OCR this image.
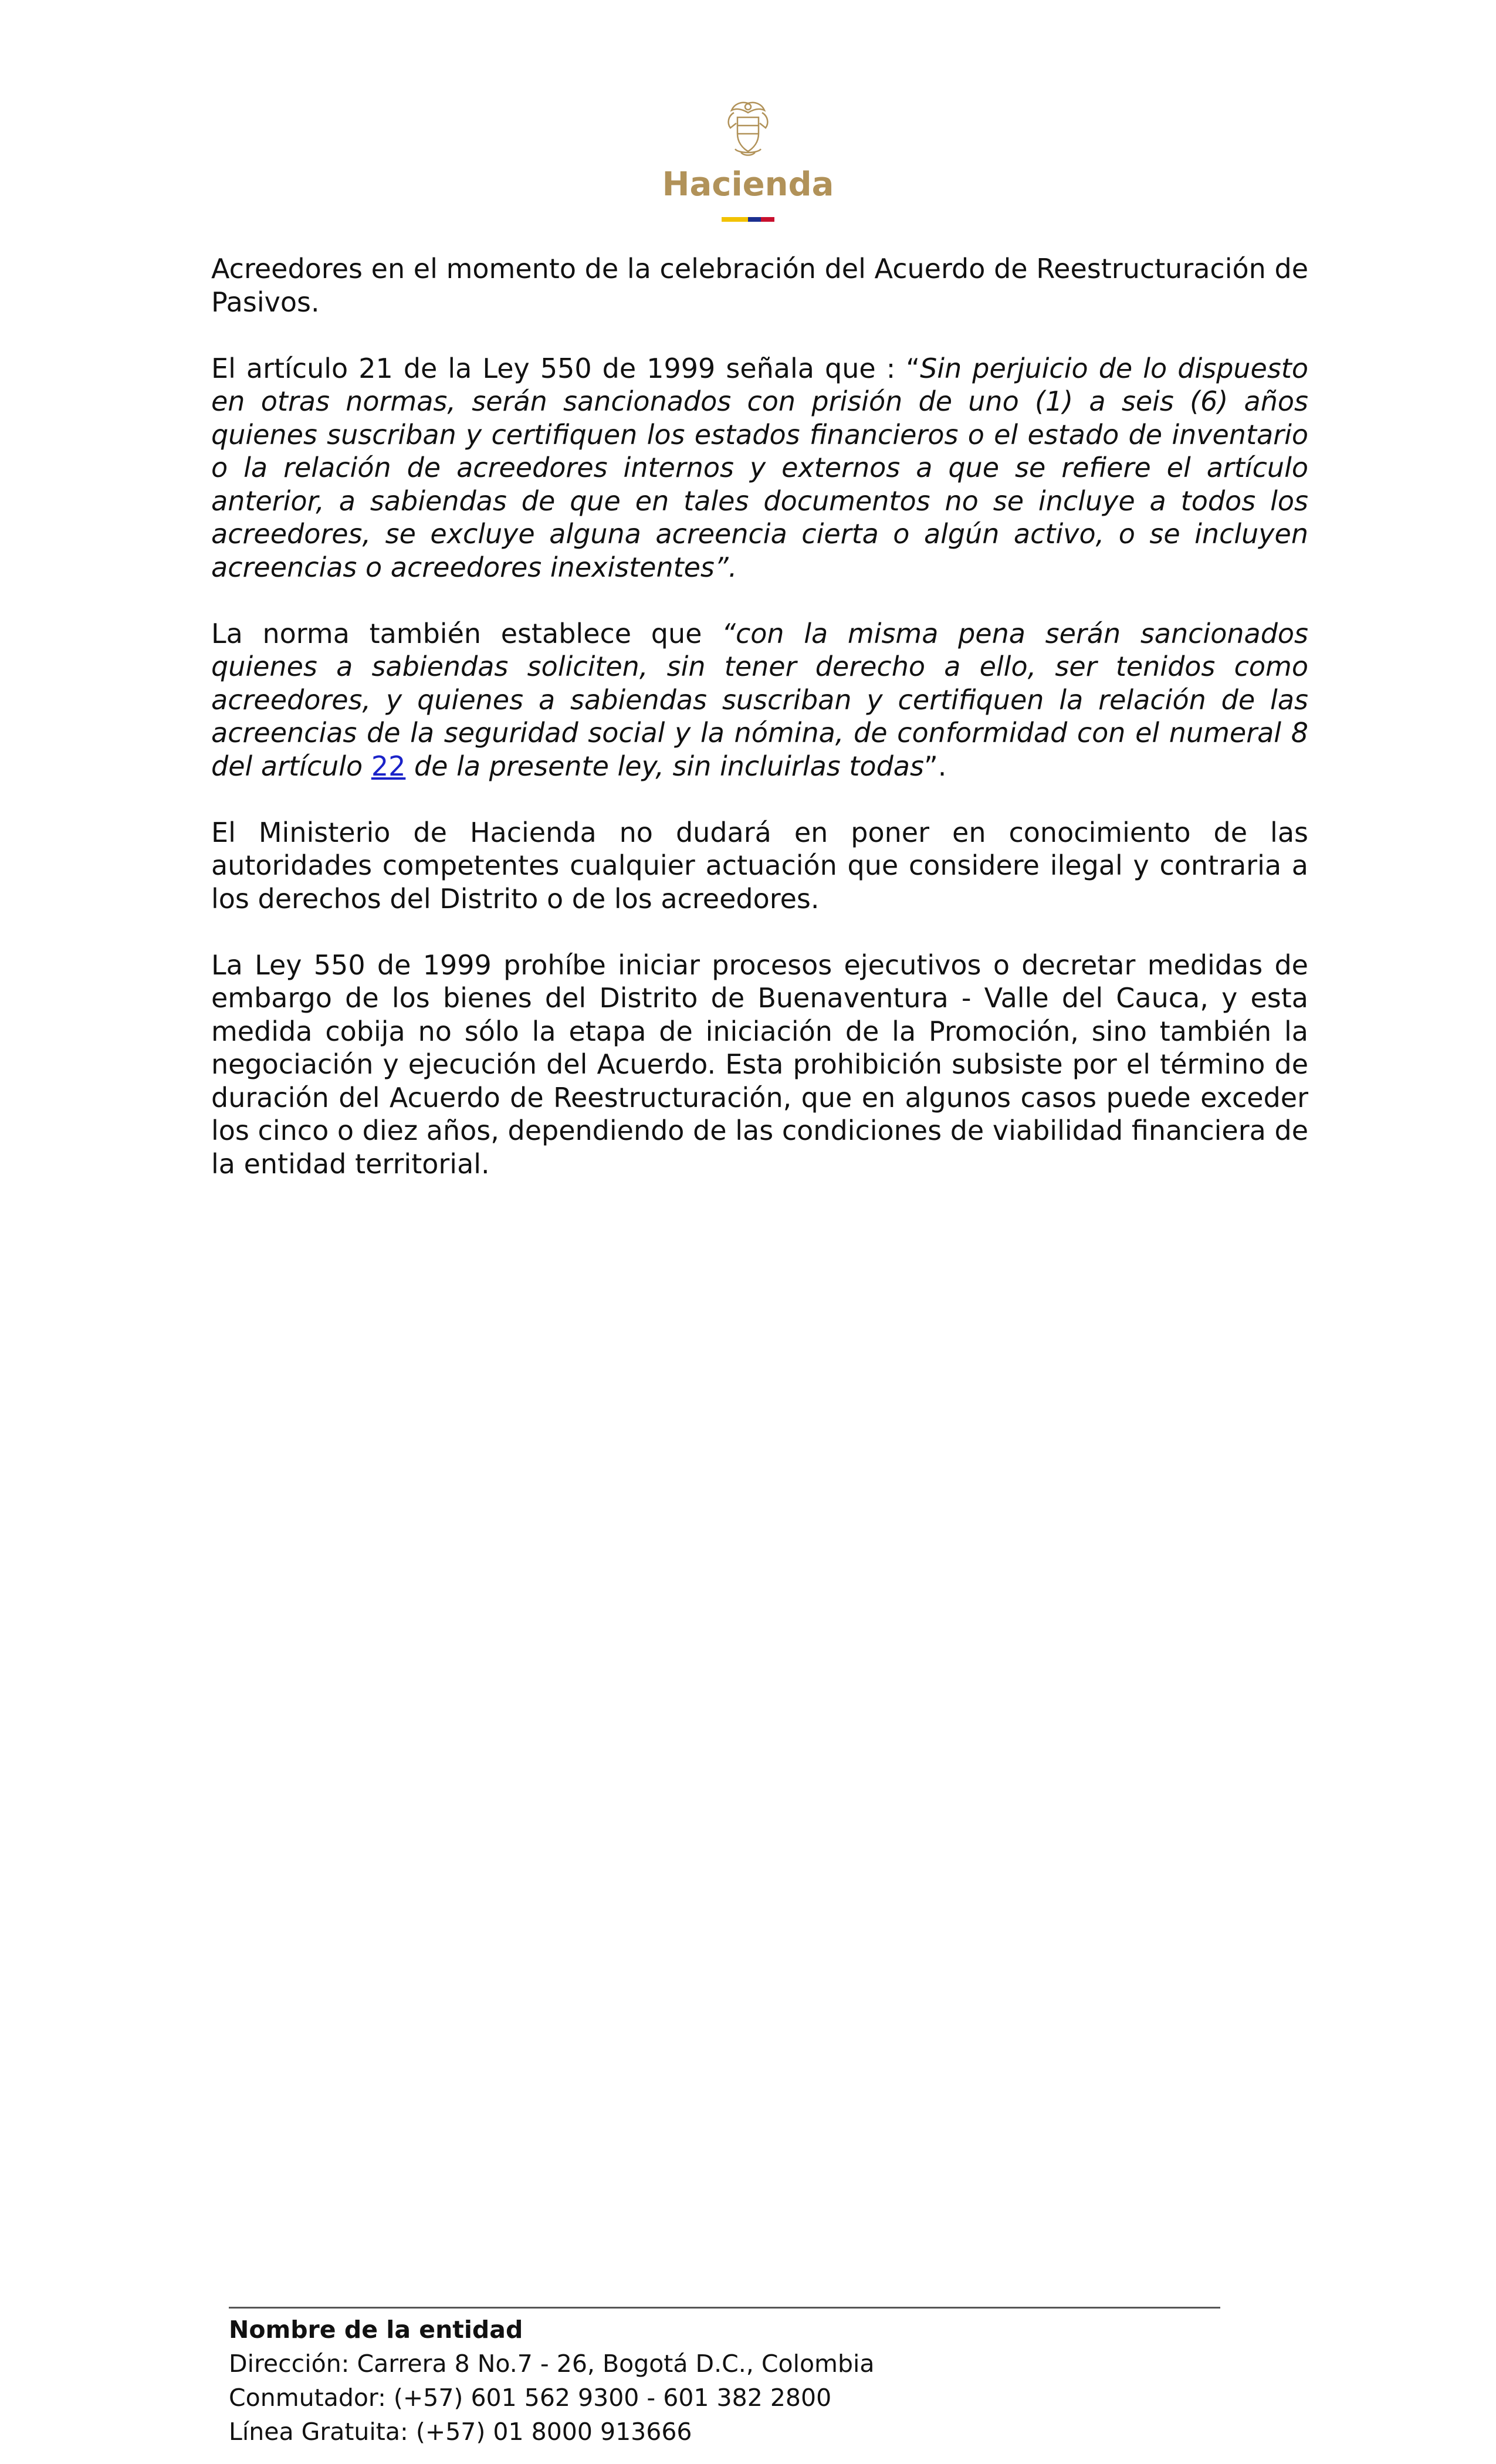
Hacienda

Acreedores en el momento de la celebración del Acuerdo de Reestructuración de Pasivos.

El artículo 21 de la Ley 550 de 1999 señala que : “Sin perjuicio de lo dispuesto en otras normas, serán sancionados con prisión de uno (1) a seis (6) años quienes suscriban y certifiquen los estados financieros o el estado de inventario o la relación de acreedores internos y externos a que se refiere el artículo anterior, a sabiendas de que en tales documentos no se incluye a todos los acreedores, se excluye alguna acreencia cierta o algún activo, o se incluyen acreencias o acreedores inexistentes”.

La norma también establece que “con la misma pena serán sancionados quienes a sabiendas soliciten, sin tener derecho a ello, ser tenidos como acreedores, y quienes a sabiendas suscriban y certifiquen la relación de las acreencias de la seguridad social y la nómina, de conformidad con el numeral 8 del artículo 22 de la presente ley, sin incluirlas todas”.

El Ministerio de Hacienda no dudará en poner en conocimiento de las autoridades competentes cualquier actuación que considere ilegal y contraria a los derechos del Distrito o de los acreedores.

La Ley 550 de 1999 prohíbe iniciar procesos ejecutivos o decretar medidas de embargo de los bienes del Distrito de Buenaventura - Valle del Cauca, y esta medida cobija no sólo la etapa de iniciación de la Promoción, sino también la negociación y ejecución del Acuerdo. Esta prohibición subsiste por el término de duración del Acuerdo de Reestructuración, que en algunos casos puede exceder los cinco o diez años, dependiendo de las condiciones de viabilidad financiera de la entidad territorial.

Nombre de la entidad
Dirección: Carrera 8 No.7 - 26, Bogotá D.C., Colombia
Conmutador: (+57) 601 562 9300 - 601 382 2800
Línea Gratuita: (+57) 01 8000 913666
